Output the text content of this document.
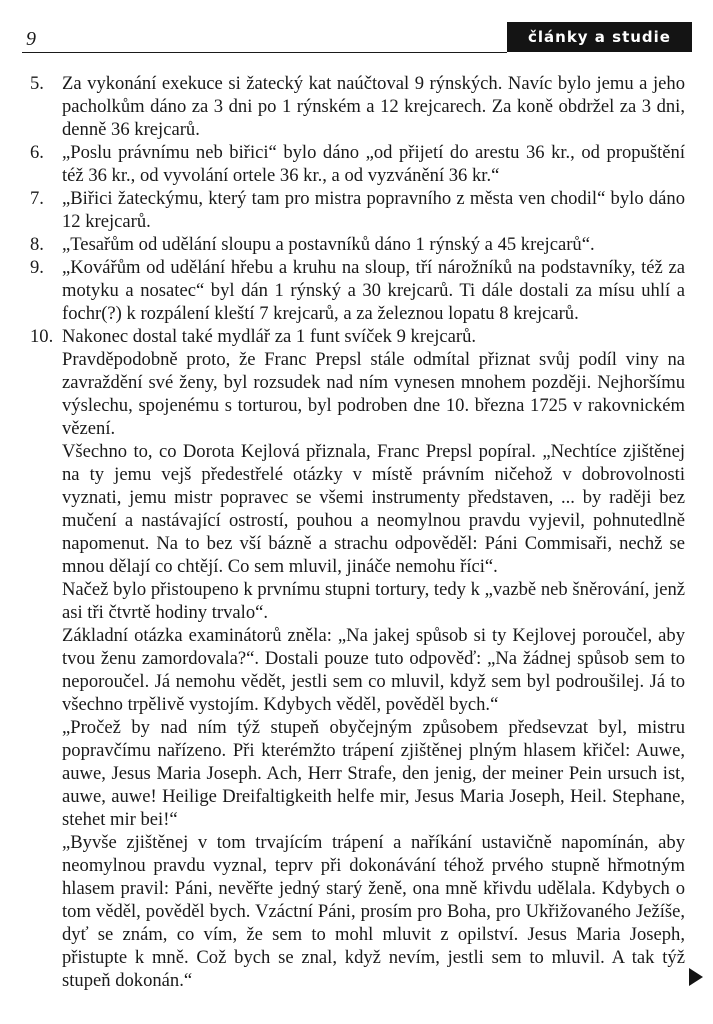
9	články a studie
5. Za vykonání exekuce si žatecký kat naúčtoval 9 rýnských. Navíc bylo jemu a jeho pacholkům dáno za 3 dni po 1 rýnském a 12 krejcarech. Za koně obdržel za 3 dni, denně 36 krejcarů.
6. „Poslu právnímu neb biřici“ bylo dáno „od přijetí do arestu 36 kr., od propuštění též 36 kr., od vyvolání ortele 36 kr., a od vyzvánění 36 kr.“
7. „Biřici žateckýmu, který tam pro mistra popravního z města ven chodil“ bylo dáno 12 krejcarů.
8. „Tesařům od udělání sloupu a postavníků dáno 1 rýnský a 45 krejcarů“.
9. „Kovářům od udělání hřebu a kruhu na sloup, tří nárožníků na podstavníky, též za motyku a nosatec“ byl dán 1 rýnský a 30 krejcarů. Ti dále dostali za mísu uhlí a fochr(?) k rozpálení kleští 7 krejcarů, a za železnou lopatu 8 krejcarů.
10. Nakonec dostal také mydlář za 1 funt svíček 9 krejcarů.
Pravděpodobně proto, že Franc Prepsl stále odmítal přiznat svůj podíl viny na zavraždění své ženy, byl rozsudek nad ním vynesen mnohem později. Nejhoršímu výslechu, spojenému s torturou, byl podroben dne 10. března 1725 v rakovnickém vězení.
Všechno to, co Dorota Kejlová přiznala, Franc Prepsl popíral. „Nechtíce zjištěnej na ty jemu vejš předestřelé otázky v místě právním ničehož v dobrovolnosti vyznati, jemu mistr popravec se všemi instrumenty představen, ... by raději bez mučení a nastávající ostrostí, pouhou a neomylnou pravdu vyjevil, pohnutedlně napomenut. Na to bez vší bázně a strachu odpověděl: Páni Commisaři, nechž se mnou dělají co chtějí. Co sem mluvil, jináče nemohu říci“.
Načež bylo přistoupeno k prvnímu stupni tortury, tedy k „vazbě neb šněrování, jenž asi tři čtvrtě hodiny trvalo“.
Základní otázka examinátorů zněla: „Na jakej spůsob si ty Kejlovej poroučel, aby tvou ženu zamordovala?“. Dostali pouze tuto odpověď: „Na žádnej spůsob sem to neporoučel. Já nemohu vědět, jestli sem co mluvil, když sem byl podroušilej. Já to všechno trpělivě vystojím. Kdybych věděl, pověděl bych.“
„Pročež by nad ním týž stupeň obyčejným způsobem předsevzat byl, mistru popravčímu nařízeno. Při kterémžto trápení zjištěnej plným hlasem křičel: Auwe, auwe, Jesus Maria Joseph. Ach, Herr Strafe, den jenig, der meiner Pein ursuch ist, auwe, auwe! Heilige Dreifaltigkeith helfe mir, Jesus Maria Joseph, Heil. Stephane, stehet mir bei!“
„Byvše zjištěnej v tom trvajícím trápení a naříkání ustavičně napomínán, aby neomylnou pravdu vyznal, teprv při dokonávání téhož prvého stupně hřmotným hlasem pravil: Páni, nevěřte jedný starý ženě, ona mně křivdu udělala. Kdybych o tom věděl, pověděl bych. Vzáctní Páni, prosím pro Boha, pro Ukřižovaného Ježíše, dyť se znám, co vím, že sem to mohl mluvit z opilství. Jesus Maria Joseph, přistupte k mně. Což bych se znal, když nevím, jestli sem to mluvil. A tak týž stupeň dokonán.“
